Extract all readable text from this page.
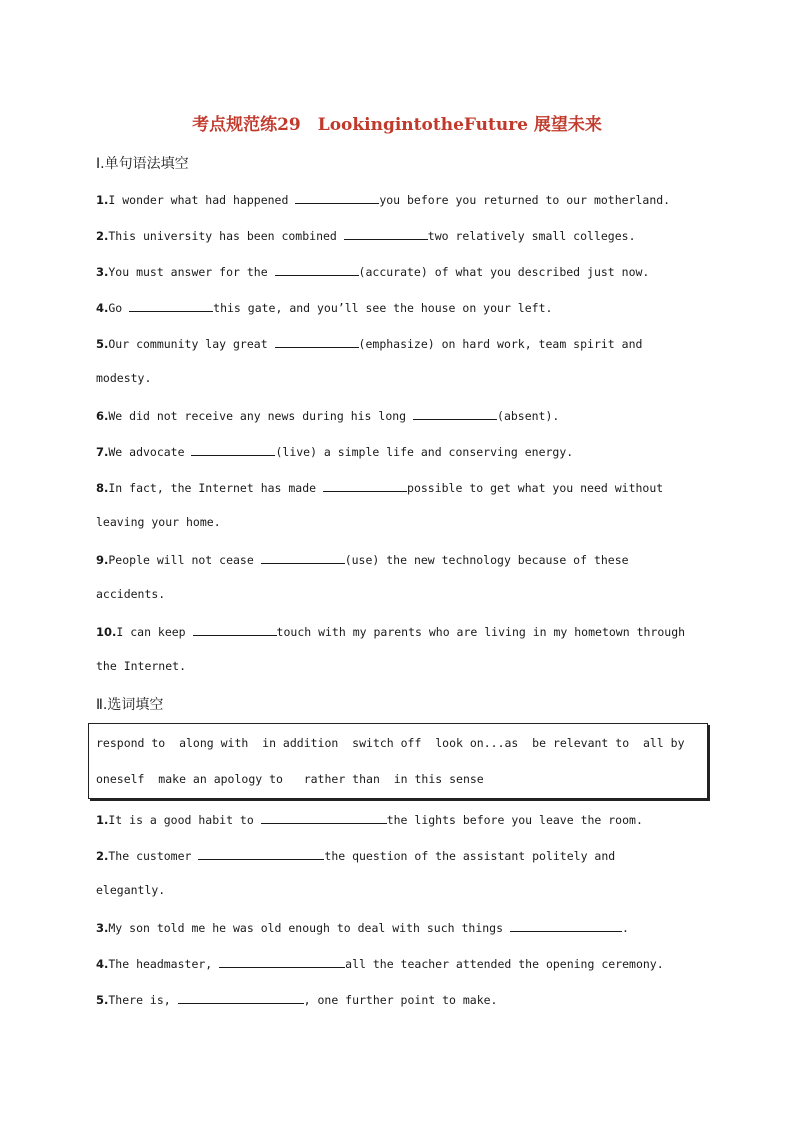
考点规范练29　LookingintotheFuture 展望未来
Ⅰ.单句语法填空
1.I wonder what had happened	you before you returned to our motherland.
2.This university has been combined	two relatively small colleges.
3.You must answer for the	(accurate) of what you described just now.
4.Go	this gate, and you’ll see the house on your left.
5.Our community lay great	(emphasize) on hard work, team spirit and
modesty.
6.We did not receive any news during his long	(absent).
7.We advocate	(live) a simple life and conserving energy.
8.In fact, the Internet has made	possible to get what you need without
leaving your home.
9.People will not cease	(use) the new technology because of these
accidents.
10.I can keep	touch with my parents who are living in my hometown through
the Internet.
Ⅱ.选词填空
respond to  along with  in addition  switch off  look on...as  be relevant to  all by
oneself  make an apology to   rather than  in this sense
1.It is a good habit to	the lights before you leave the room.
2.The customer	the question of the assistant politely and
elegantly.
3.My son told me he was old enough to deal with such things	.
4.The headmaster,	all the teacher attended the opening ceremony.
5.There is,	, one further point to make.
